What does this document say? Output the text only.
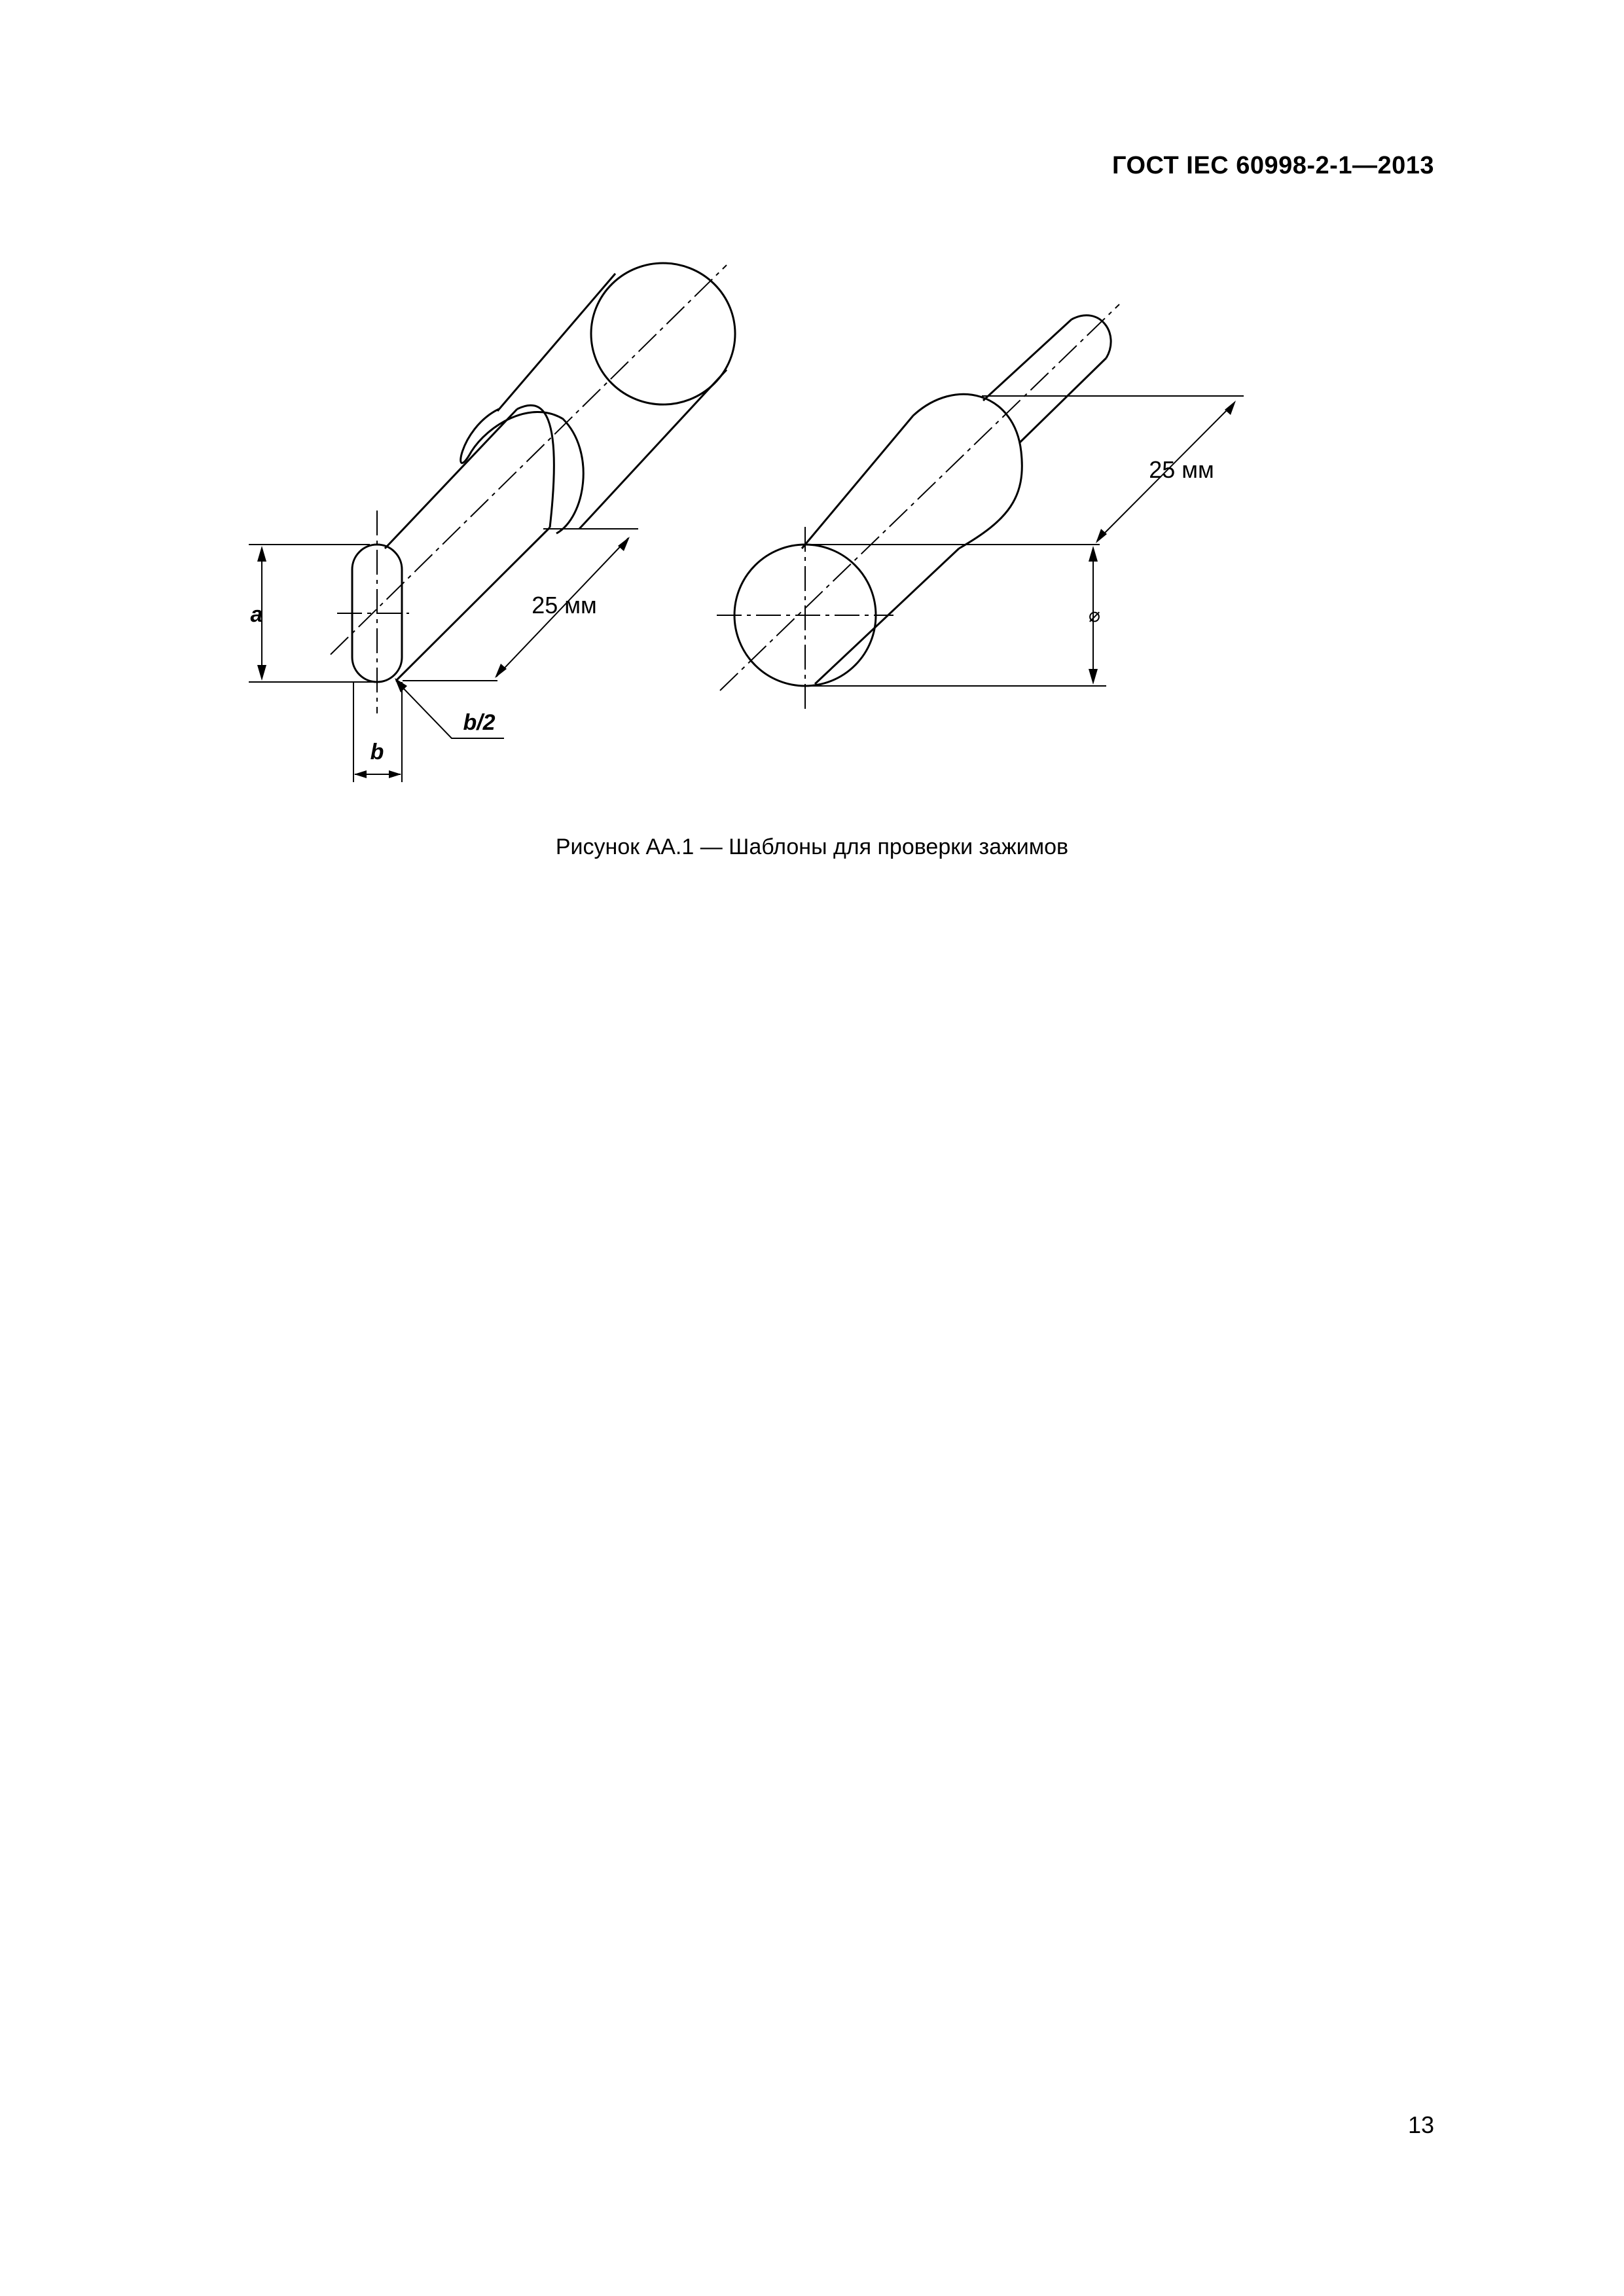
ГОСТ IEC 60998-2-1—2013
a
b
b/2
25 мм
25 мм
⌀
Рисунок АА.1 — Шаблоны для проверки зажимов
13
